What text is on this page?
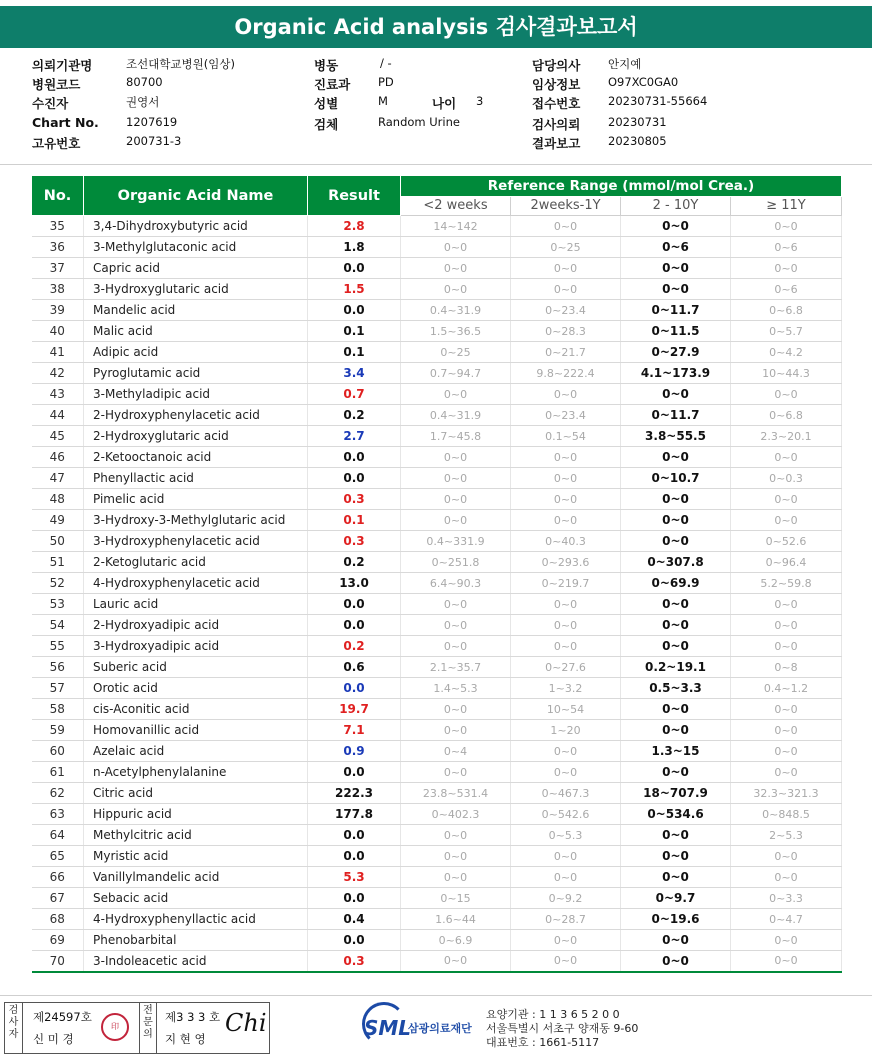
Organic Acid analysis 검사결과보고서
의뢰기관명	조선대학교병원(임상)	병동	/ -	담당의사 안지예
병원코드	80700	진료과 PD	임상정보 O97XC0GA0
수진자	권영서	성별	M	나이 3	접수번호 20230731-55664
Chart No. 1207619	검체	Random Urine	검사의뢰 20230731
고유번호	200731-3	결과보고 20230805
No.	Organic Acid Name	Result	Reference Range (mmol/mol Crea.)			
			<2 weeks	2weeks-1Y	2 - 10Y	≥ 11Y
35	3,4-Dihydroxybutyric acid	2.8	14~142	0~0	0~0	0~0
36	3-Methylglutaconic acid	1.8	0~0	0~25	0~6	0~6
37	Capric acid	0.0	0~0	0~0	0~0	0~0
38	3-Hydroxyglutaric acid	1.5	0~0	0~0	0~0	0~6
39	Mandelic acid	0.0	0.4~31.9	0~23.4	0~11.7	0~6.8
40	Malic acid	0.1	1.5~36.5	0~28.3	0~11.5	0~5.7
41	Adipic acid	0.1	0~25	0~21.7	0~27.9	0~4.2
42	Pyroglutamic acid	3.4	0.7~94.7	9.8~222.4	4.1~173.9	10~44.3
43	3-Methyladipic acid	0.7	0~0	0~0	0~0	0~0
44	2-Hydroxyphenylacetic acid	0.2	0.4~31.9	0~23.4	0~11.7	0~6.8
45	2-Hydroxyglutaric acid	2.7	1.7~45.8	0.1~54	3.8~55.5	2.3~20.1
46	2-Ketooctanoic acid	0.0	0~0	0~0	0~0	0~0
47	Phenyllactic acid	0.0	0~0	0~0	0~10.7	0~0.3
48	Pimelic acid	0.3	0~0	0~0	0~0	0~0
49	3-Hydroxy-3-Methylglutaric acid	0.1	0~0	0~0	0~0	0~0
50	3-Hydroxyphenylacetic acid	0.3	0.4~331.9	0~40.3	0~0	0~52.6
51	2-Ketoglutaric acid	0.2	0~251.8	0~293.6	0~307.8	0~96.4
52	4-Hydroxyphenylacetic acid	13.0	6.4~90.3	0~219.7	0~69.9	5.2~59.8
53	Lauric acid	0.0	0~0	0~0	0~0	0~0
54	2-Hydroxyadipic acid	0.0	0~0	0~0	0~0	0~0
55	3-Hydroxyadipic acid	0.2	0~0	0~0	0~0	0~0
56	Suberic acid	0.6	2.1~35.7	0~27.6	0.2~19.1	0~8
57	Orotic acid	0.0	1.4~5.3	1~3.2	0.5~3.3	0.4~1.2
58	cis-Aconitic acid	19.7	0~0	10~54	0~0	0~0
59	Homovanillic acid	7.1	0~0	1~20	0~0	0~0
60	Azelaic acid	0.9	0~4	0~0	1.3~15	0~0
61	n-Acetylphenylalanine	0.0	0~0	0~0	0~0	0~0
62	Citric acid	222.3	23.8~531.4	0~467.3	18~707.9	32.3~321.3
63	Hippuric acid	177.8	0~402.3	0~542.6	0~534.6	0~848.5
64	Methylcitric acid	0.0	0~0	0~5.3	0~0	2~5.3
65	Myristic acid	0.0	0~0	0~0	0~0	0~0
66	Vanillylmandelic acid	5.3	0~0	0~0	0~0	0~0
67	Sebacic acid	0.0	0~15	0~9.2	0~9.7	0~3.3
68	4-Hydroxyphenyllactic acid	0.4	1.6~44	0~28.7	0~19.6	0~4.7
69	Phenobarbital	0.0	0~6.9	0~0	0~0	0~0
70	3-Indoleacetic acid	0.3	0~0	0~0	0~0	0~0
검사자
제24597호
신 미 경
印
전문의
제3 3 3 호
지 현 영
Chi	SML
삼광의료재단
요양기관 : 1 1 3 6 5 2 0 0
서울특별시 서초구 양재동 9-60
대표번호 : 1661-5117
